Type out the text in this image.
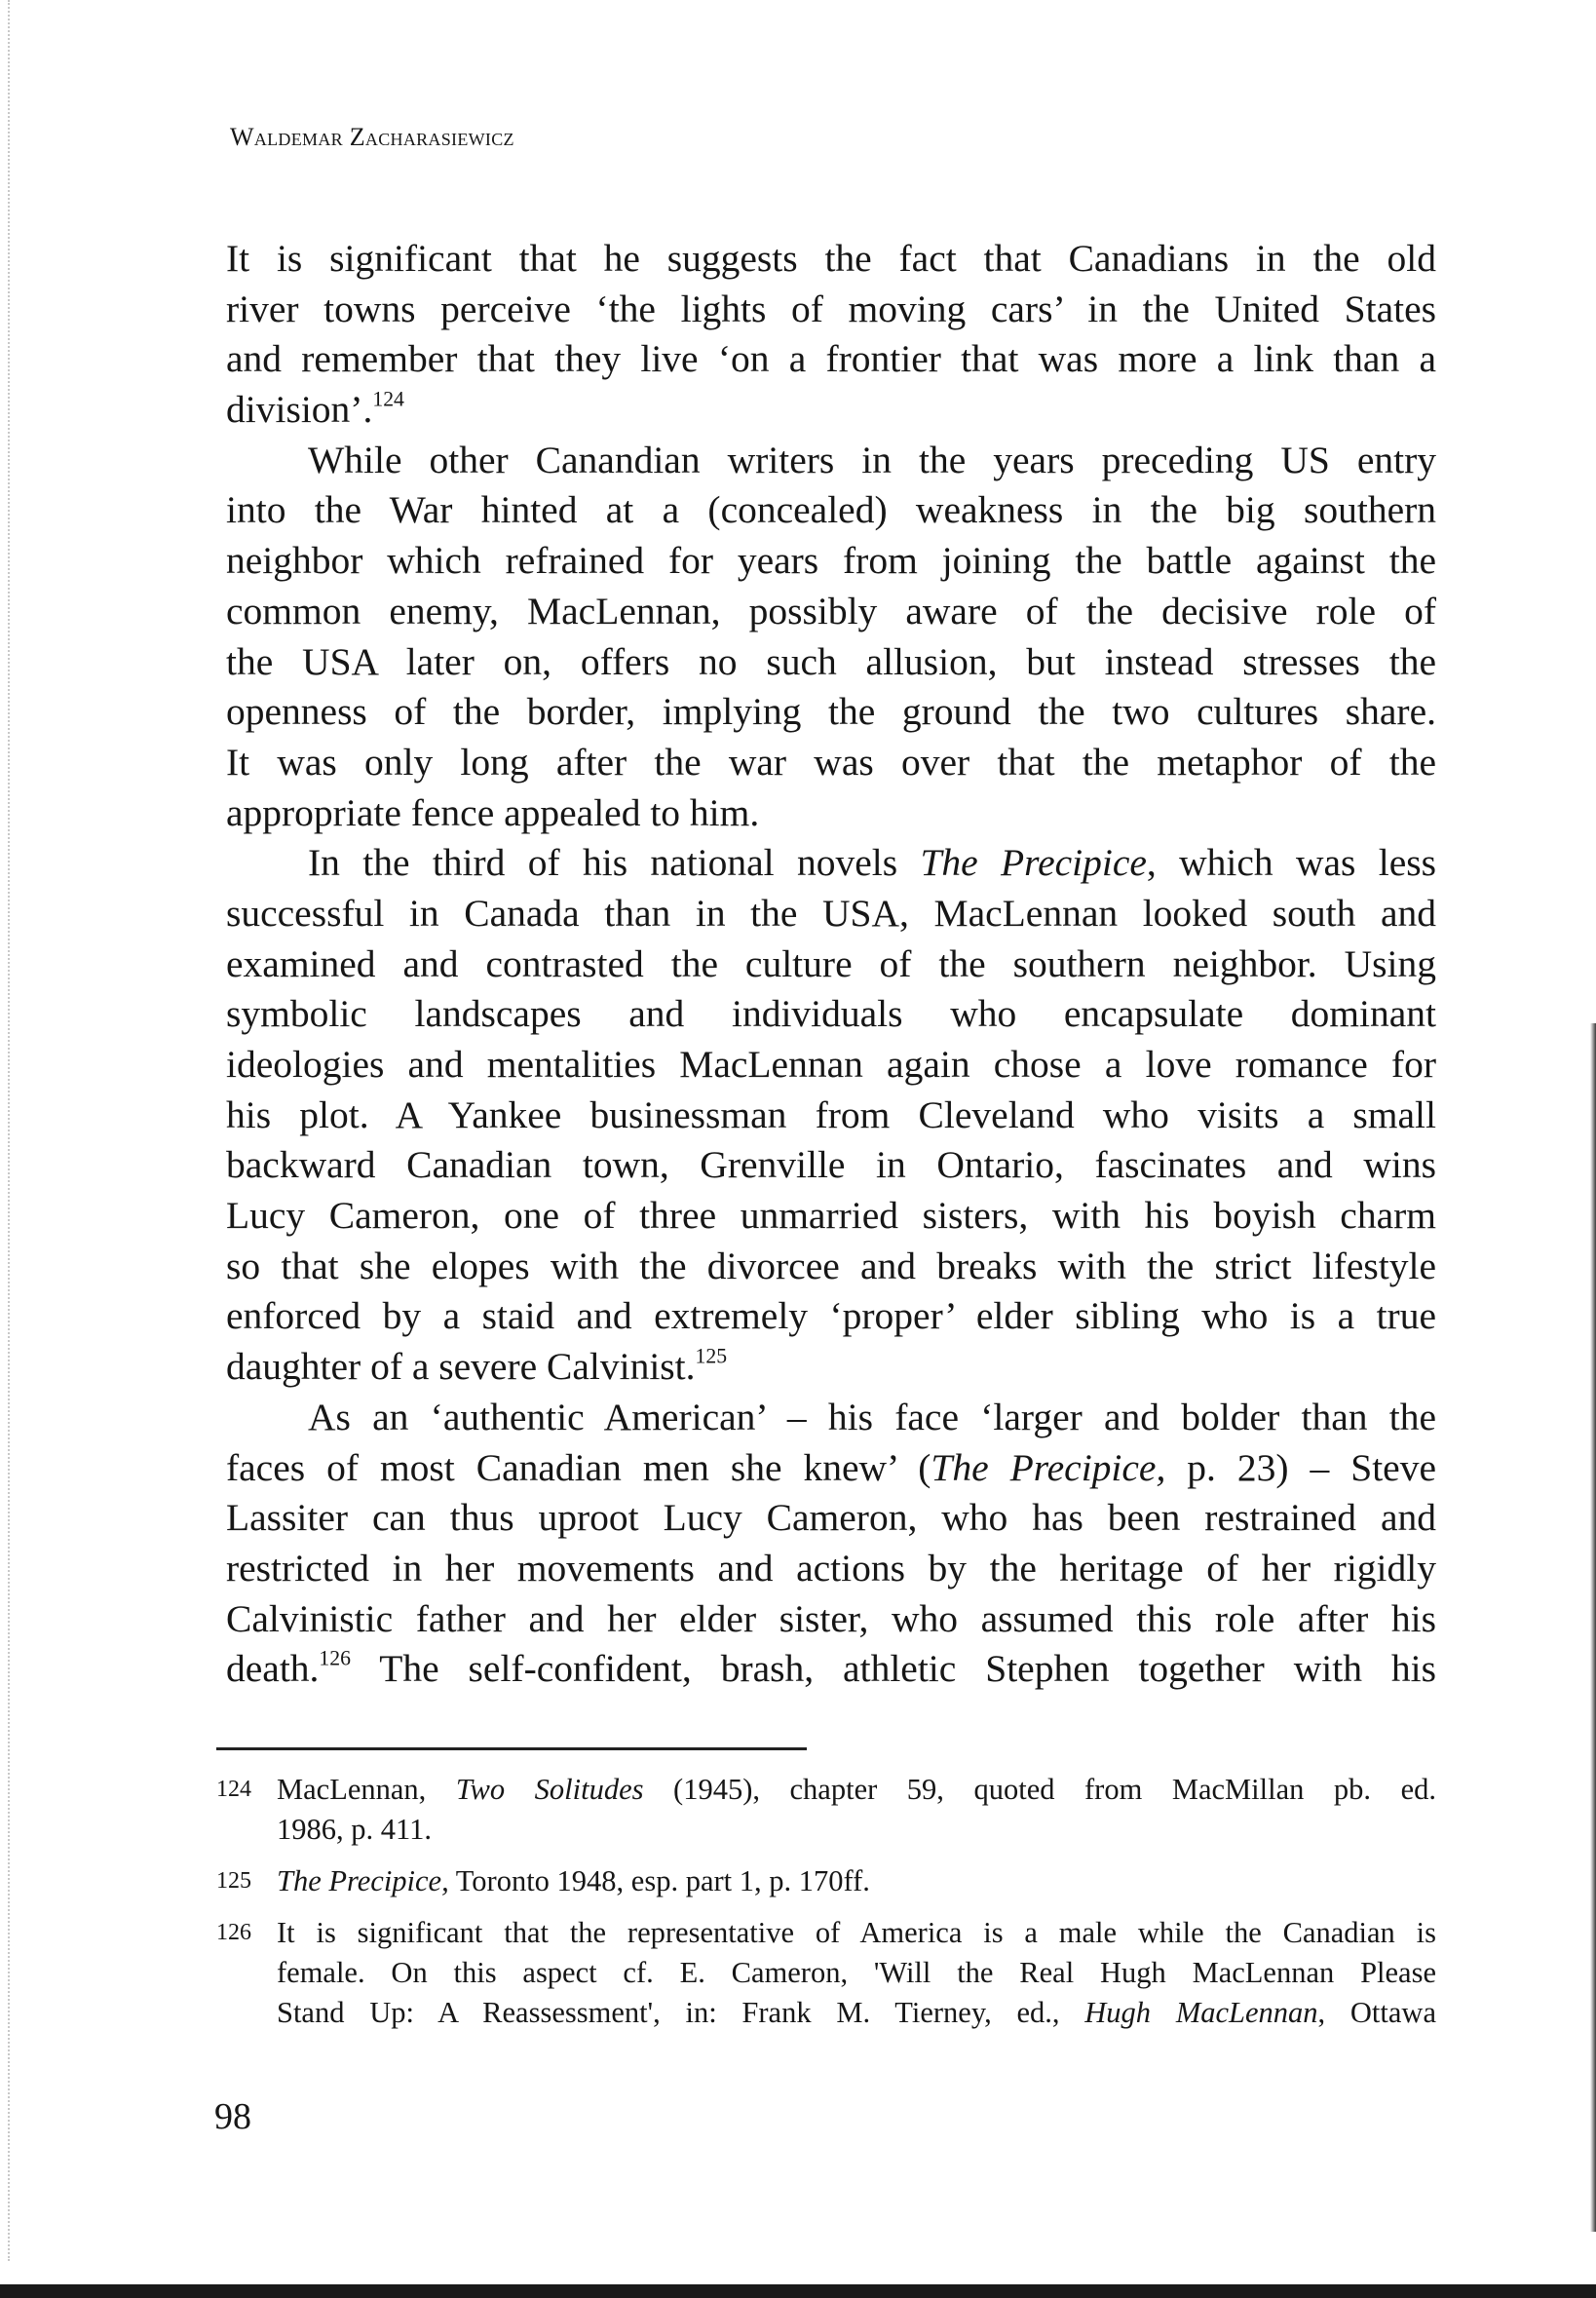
Waldemar Zacharasiewicz
It is significant that he suggests the fact that Canadians in the old
river towns perceive ‘the lights of moving cars’ in the United States
and remember that they live ‘on a frontier that was more a link than a
division’.$^{124}$
While other Canandian writers in the years preceding US entry
into the War hinted at a (concealed) weakness in the big southern
neighbor which refrained for years from joining the battle against the
common enemy, MacLennan, possibly aware of the decisive role of
the USA later on, offers no such allusion, but instead stresses the
openness of the border, implying the ground the two cultures share.
It was only long after the war was over that the metaphor of the
appropriate fence appealed to him.
In the third of his national novels The Precipice, which was less
successful in Canada than in the USA, MacLennan looked south and
examined and contrasted the culture of the southern neighbor. Using
symbolic landscapes and individuals who encapsulate dominant
ideologies and mentalities MacLennan again chose a love romance for
his plot. A Yankee businessman from Cleveland who visits a small
backward Canadian town, Grenville in Ontario, fascinates and wins
Lucy Cameron, one of three unmarried sisters, with his boyish charm
so that she elopes with the divorcee and breaks with the strict lifestyle
enforced by a staid and extremely ‘proper’ elder sibling who is a true
daughter of a severe Calvinist.$^{125}$
As an ‘authentic American’ – his face ‘larger and bolder than the
faces of most Canadian men she knew’ (The Precipice, p. 23) – Steve
Lassiter can thus uproot Lucy Cameron, who has been restrained and
restricted in her movements and actions by the heritage of her rigidly
Calvinistic father and her elder sister, who assumed this role after his
death.$^{126}$ The self-confident, brash, athletic Stephen together with his
124 MacLennan, Two Solitudes (1945), chapter 59, quoted from MacMillan pb. ed.
1986, p. 411.
125 The Precipice, Toronto 1948, esp. part 1, p. 170ff.
126 It is significant that the representative of America is a male while the Canadian is
female. On this aspect cf. E. Cameron, 'Will the Real Hugh MacLennan Please
Stand Up: A Reassessment', in: Frank M. Tierney, ed., Hugh MacLennan, Ottawa
98
